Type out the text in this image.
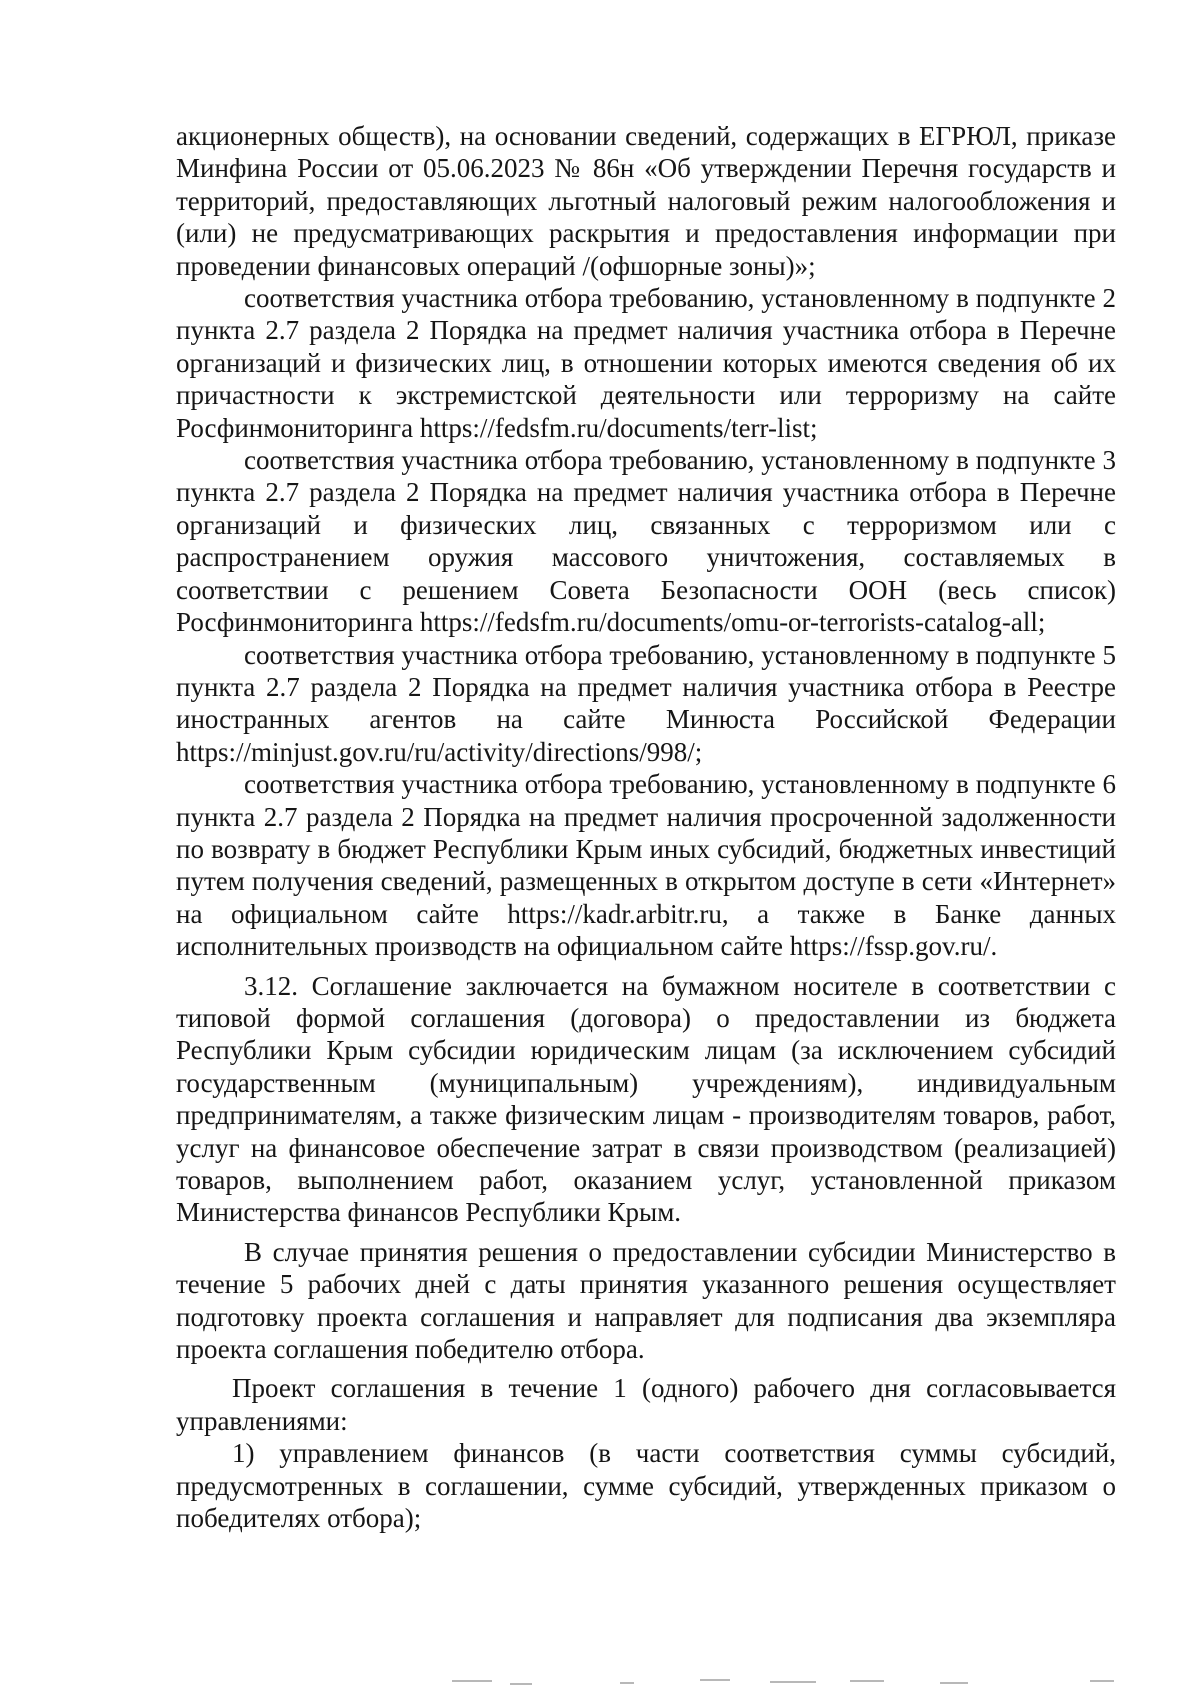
акционерных обществ), на основании сведений, содержащих в ЕГРЮЛ, приказе Минфина России от 05.06.2023 № 86н «Об утверждении Перечня государств и территорий, предоставляющих льготный налоговый режим налогообложения и (или) не предусматривающих раскрытия и предоставления информации при проведении финансовых операций /(офшорные зоны)»;

соответствия участника отбора требованию, установленному в подпункте 2 пункта 2.7 раздела 2 Порядка на предмет наличия участника отбора в Перечне организаций и физических лиц, в отношении которых имеются сведения об их причастности к экстремистской деятельности или терроризму на сайте Росфинмониторинга https://fedsfm.ru/documents/terr-list;

соответствия участника отбора требованию, установленному в подпункте 3 пункта 2.7 раздела 2 Порядка на предмет наличия участника отбора в Перечне организаций и физических лиц, связанных с терроризмом или с распространением оружия массового уничтожения, составляемых в соответствии с решением Совета Безопасности ООН (весь список) Росфинмониторинга https://fedsfm.ru/documents/omu-or-terrorists-catalog-all;

соответствия участника отбора требованию, установленному в подпункте 5 пункта 2.7 раздела 2 Порядка на предмет наличия участника отбора в Реестре иностранных агентов на сайте Минюста Российской Федерации https://minjust.gov.ru/ru/activity/directions/998/;

соответствия участника отбора требованию, установленному в подпункте 6 пункта 2.7 раздела 2 Порядка на предмет наличия просроченной задолженности по возврату в бюджет Республики Крым иных субсидий, бюджетных инвестиций путем получения сведений, размещенных в открытом доступе в сети «Интернет» на официальном сайте https://kadr.arbitr.ru, а также в Банке данных исполнительных производств на официальном сайте https://fssp.gov.ru/.

3.12. Соглашение заключается на бумажном носителе в соответствии с типовой формой соглашения (договора) о предоставлении из бюджета Республики Крым субсидии юридическим лицам (за исключением субсидий государственным (муниципальным) учреждениям), индивидуальным предпринимателям, а также физическим лицам - производителям товаров, работ, услуг на финансовое обеспечение затрат в связи производством (реализацией) товаров, выполнением работ, оказанием услуг, установленной приказом Министерства финансов Республики Крым.

В случае принятия решения о предоставлении субсидии Министерство в течение 5 рабочих дней с даты принятия указанного решения осуществляет подготовку проекта соглашения и направляет для подписания два экземпляра проекта соглашения победителю отбора.

Проект соглашения в течение 1 (одного) рабочего дня согласовывается управлениями:

1) управлением финансов (в части соответствия суммы субсидий, предусмотренных в соглашении, сумме субсидий, утвержденных приказом о победителях отбора);
